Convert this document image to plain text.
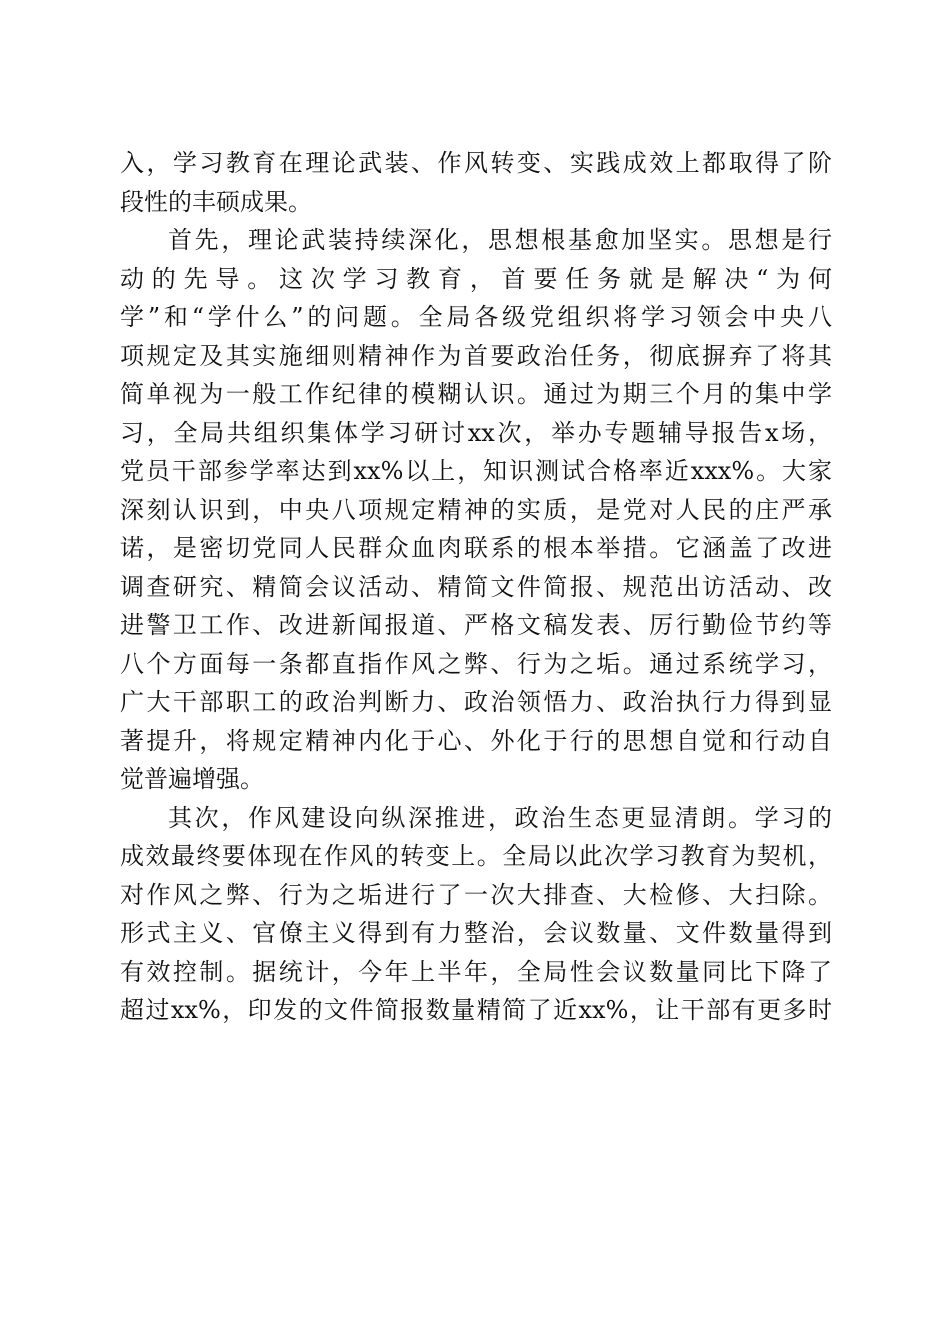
入，学习教育在理论武装、作风转变、实践成效上都取得了阶
段性的丰硕成果。
首先，理论武装持续深化，思想根基愈加坚实。思想是行
动的先导。这次学习教育，首要任务就是解决“为何
学”和“学什么”的问题。全局各级党组织将学习领会中央八
项规定及其实施细则精神作为首要政治任务，彻底摒弃了将其
简单视为一般工作纪律的模糊认识。通过为期三个月的集中学
习，全局共组织集体学习研讨xx次，举办专题辅导报告x场，
党员干部参学率达到xx%以上，知识测试合格率近xxx%。大家
深刻认识到，中央八项规定精神的实质，是党对人民的庄严承
诺，是密切党同人民群众血肉联系的根本举措。它涵盖了改进
调查研究、精简会议活动、精简文件简报、规范出访活动、改
进警卫工作、改进新闻报道、严格文稿发表、厉行勤俭节约等
八个方面每一条都直指作风之弊、行为之垢。通过系统学习，
广大干部职工的政治判断力、政治领悟力、政治执行力得到显
著提升，将规定精神内化于心、外化于行的思想自觉和行动自
觉普遍增强。
其次，作风建设向纵深推进，政治生态更显清朗。学习的
成效最终要体现在作风的转变上。全局以此次学习教育为契机，
对作风之弊、行为之垢进行了一次大排查、大检修、大扫除。
形式主义、官僚主义得到有力整治，会议数量、文件数量得到
有效控制。据统计，今年上半年，全局性会议数量同比下降了
超过xx%，印发的文件简报数量精简了近xx%，让干部有更多时
